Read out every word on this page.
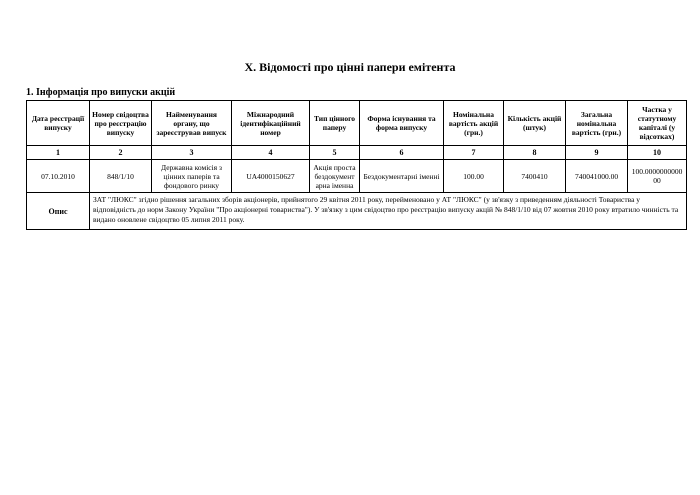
X. Відомості про цінні папери емітента
1. Інформація про випуски акцій
Дата реєстрації випуску	Номер свідоцтва про реєстрацію випуску	Найменування органу, що зареєстрував випуск	Міжнародний ідентифікаційний номер	Тип цінного паперу	Форма існування та форма випуску	Номінальна вартість акцій (грн.)	Кількість акцій (штук)	Загальна номінальна вартість (грн.)	Частка у статутному капіталі (у відсотках)
1	2	3	4	5	6	7	8	9	10
07.10.2010	848/1/10	Державна комісія з цінних паперів та фондового ринку	UA4000150627	Акція проста бездокумент арна іменна	Бездокументарні іменні	100.00	7400410	740041000.00	100.000000000000
Опис	ЗАТ "ЛЮКС" згідно рішення загальних зборів акціонерів, прийнятого 29 квітня 2011 року, перейменовано у АТ "ЛЮКС" (у зв'язку з приведенням діяльності Товариства у відповідність до норм Закону України "Про акціонерні товариства"). У зв'язку з цим свідоцтво про реєстрацію випуску акцій № 848/1/10 від 07 жовтня 2010 року втратило чинність та видано оновлене свідоцтво 05 липня 2011 року.								
